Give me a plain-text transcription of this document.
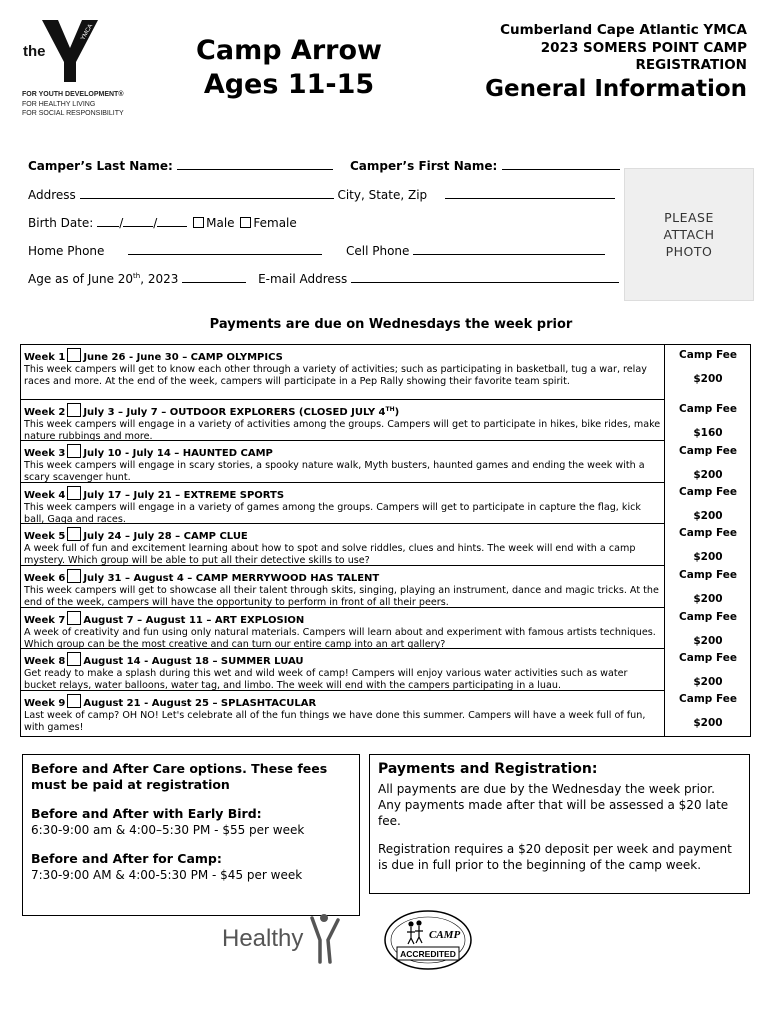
the
YMCA
FOR YOUTH DEVELOPMENT®
FOR HEALTHY LIVING
FOR SOCIAL RESPONSIBILITY
Camp Arrow
Ages 11-15
Cumberland Cape Atlantic YMCA
2023 SOMERS POINT CAMP
REGISTRATION
General Information
Camper’s Last Name:	Camper’s First Name:
Address	City, State, Zip
Birth Date: /	/	Male Female
Home Phone	Cell Phone
Age as of June 20th, 2023	E-mail Address
PLEASE
ATTACH
PHOTO
Payments are due on Wednesdays the week prior
Week 1 June 26 - June 30 – CAMP OLYMPICS
This week campers will get to know each other through a variety of activities; such as participating in basketball, tug a war, relay races and more. At the end of the week, campers will participate in a Pep Rally showing their favorite team spirit.
Camp Fee
$200
Week 2 July 3 – July 7 – OUTDOOR EXPLORERS (CLOSED JULY 4TH)
This week campers will engage in a variety of activities among the groups. Campers will get to participate in hikes, bike rides, make nature rubbings and more.
Camp Fee
$160
Week 3 July 10 - July 14 – HAUNTED CAMP
This week campers will engage in scary stories, a spooky nature walk, Myth busters, haunted games and ending the week with a scary scavenger hunt.
Camp Fee
$200
Week 4 July 17 – July 21 – EXTREME SPORTS
This week campers will engage in a variety of games among the groups. Campers will get to participate in capture the flag, kick ball, Gaga and races.
Camp Fee
$200
Week 5 July 24 – July 28 – CAMP CLUE
A week full of fun and excitement learning about how to spot and solve riddles, clues and hints. The week will end with a camp mystery. Which group will be able to put all their detective skills to use?
Camp Fee
$200
Week 6 July 31 – August 4 – CAMP MERRYWOOD HAS TALENT
This week campers will get to showcase all their talent through skits, singing, playing an instrument, dance and magic tricks. At the end of the week, campers will have the opportunity to perform in front of all their peers.
Camp Fee
$200
Week 7 August 7 – August 11 – ART EXPLOSION
A week of creativity and fun using only natural materials. Campers will learn about and experiment with famous artists techniques. Which group can be the most creative and can turn our entire camp into an art gallery?
Camp Fee
$200
Week 8 August 14 - August 18 – SUMMER LUAU
Get ready to make a splash during this wet and wild week of camp! Campers will enjoy various water activities such as water bucket relays, water balloons, water tag, and limbo. The week will end with the campers participating in a luau.
Camp Fee
$200
Week 9 August 21 - August 25 – SPLASHTACULAR
Last week of camp? OH NO! Let's celebrate all of the fun things we have done this summer. Campers will have a week full of fun, with games!
Camp Fee
$200
Before and After Care options. These fees must be paid at registration
Before and After with Early Bird:
6:30-9:00 am & 4:00–5:30 PM - $55 per week
Before and After for Camp:
7:30-9:00 AM & 4:00-5:30 PM - $45 per week
Payments and Registration:
All payments are due by the Wednesday the week prior. Any payments made after that will be assessed a $20 late fee.
Registration requires a $20 deposit per week and payment is due in full prior to the beginning of the camp week.
Healthy	CAMP
ACCREDITED
